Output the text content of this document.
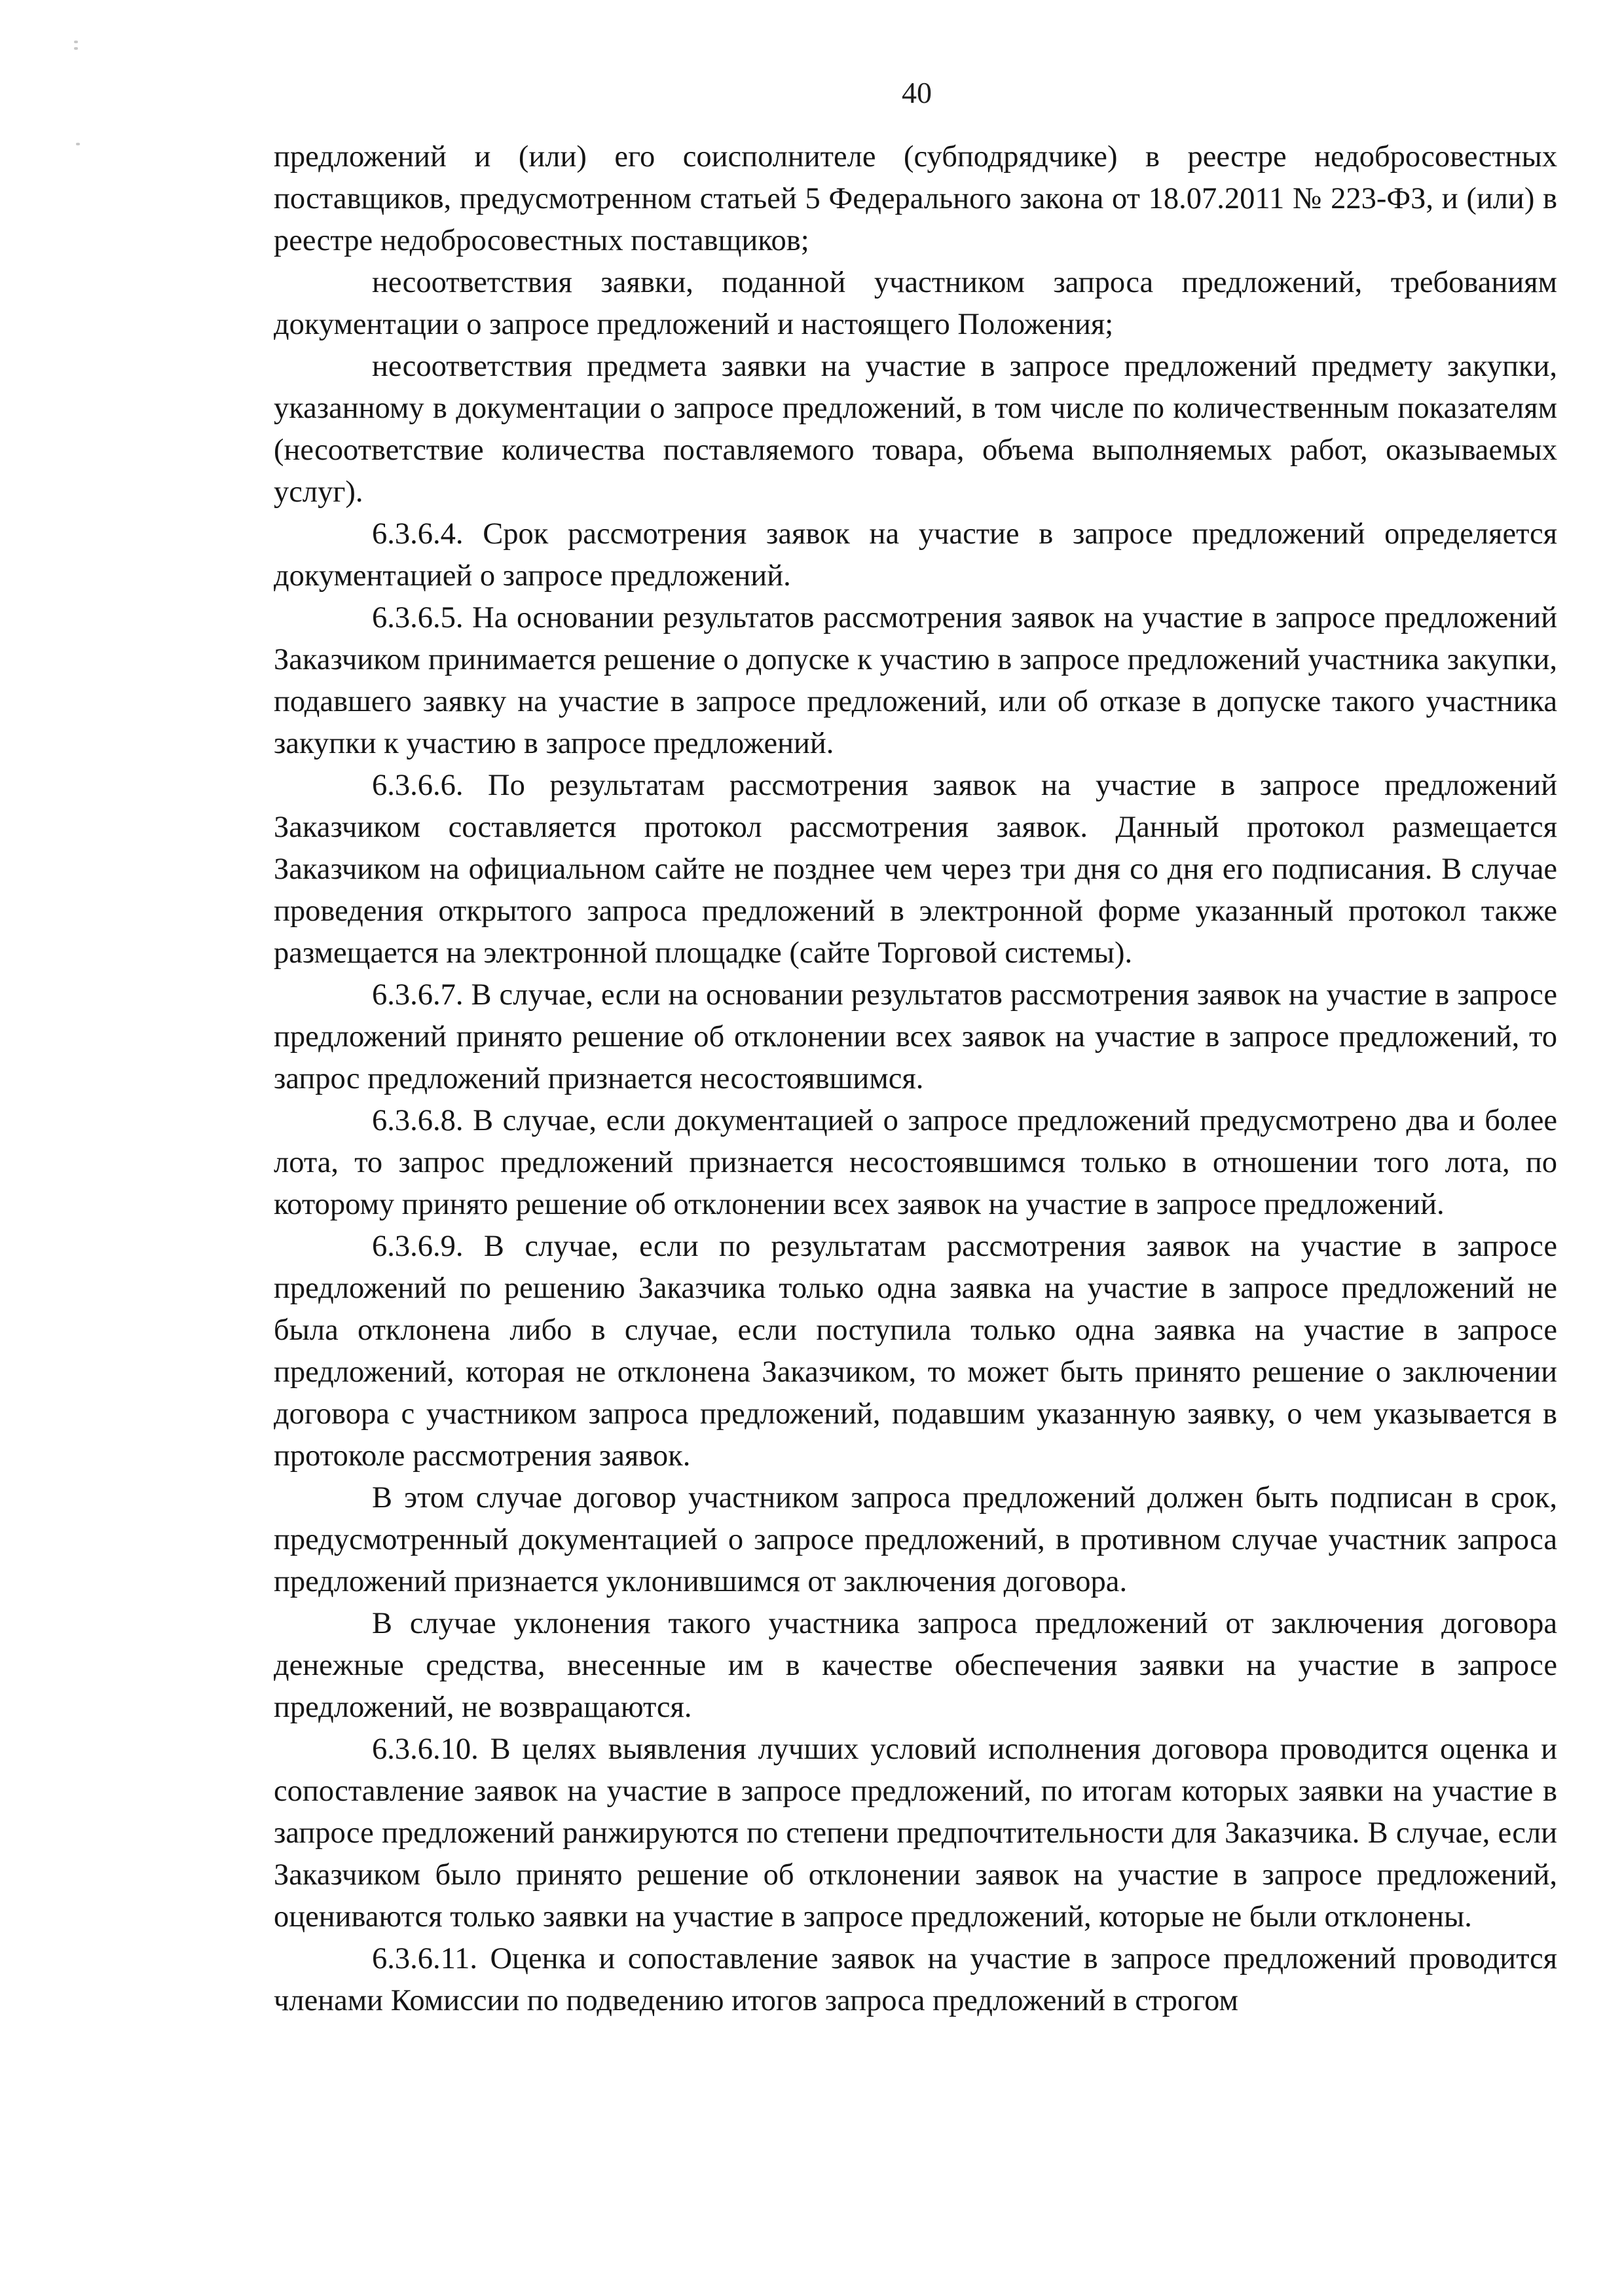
40

предложений и (или) его соисполнителе (субподрядчике) в реестре недобросовестных поставщиков, предусмотренном статьей 5 Федерального закона от 18.07.2011 № 223-ФЗ, и (или) в реестре недобросовестных поставщиков;

несоответствия заявки, поданной участником запроса предложений, требованиям документации о запросе предложений и настоящего Положения;

несоответствия предмета заявки на участие в запросе предложений предмету закупки, указанному в документации о запросе предложений, в том числе по количественным показателям (несоответствие количества поставляемого товара, объема выполняемых работ, оказываемых услуг).

6.3.6.4. Срок рассмотрения заявок на участие в запросе предложений определяется документацией о запросе предложений.

6.3.6.5. На основании результатов рассмотрения заявок на участие в запросе предложений Заказчиком принимается решение о допуске к участию в запросе предложений участника закупки, подавшего заявку на участие в запросе предложений, или об отказе в допуске такого участника закупки к участию в запросе предложений.

6.3.6.6. По результатам рассмотрения заявок на участие в запросе предложений Заказчиком составляется протокол рассмотрения заявок. Данный протокол размещается Заказчиком на официальном сайте не позднее чем через три дня со дня его подписания. В случае проведения открытого запроса предложений в электронной форме указанный протокол также размещается на электронной площадке (сайте Торговой системы).

6.3.6.7. В случае, если на основании результатов рассмотрения заявок на участие в запросе предложений принято решение об отклонении всех заявок на участие в запросе предложений, то запрос предложений признается несостоявшимся.

6.3.6.8. В случае, если документацией о запросе предложений предусмотрено два и более лота, то запрос предложений признается несостоявшимся только в отношении того лота, по которому принято решение об отклонении всех заявок на участие в запросе предложений.

6.3.6.9. В случае, если по результатам рассмотрения заявок на участие в запросе предложений по решению Заказчика только одна заявка на участие в запросе предложений не была отклонена либо в случае, если поступила только одна заявка на участие в запросе предложений, которая не отклонена Заказчиком, то может быть принято решение о заключении договора с участником запроса предложений, подавшим указанную заявку, о чем указывается в протоколе рассмотрения заявок.

В этом случае договор участником запроса предложений должен быть подписан в срок, предусмотренный документацией о запросе предложений, в противном случае участник запроса предложений признается уклонившимся от заключения договора.

В случае уклонения такого участника запроса предложений от заключения договора денежные средства, внесенные им в качестве обеспечения заявки на участие в запросе предложений, не возвращаются.

6.3.6.10. В целях выявления лучших условий исполнения договора проводится оценка и сопоставление заявок на участие в запросе предложений, по итогам которых заявки на участие в запросе предложений ранжируются по степени предпочтительности для Заказчика. В случае, если Заказчиком было принято решение об отклонении заявок на участие в запросе предложений, оцениваются только заявки на участие в запросе предложений, которые не были отклонены.

6.3.6.11. Оценка и сопоставление заявок на участие в запросе предложений проводится членами Комиссии по подведению итогов запроса предложений в строгом
